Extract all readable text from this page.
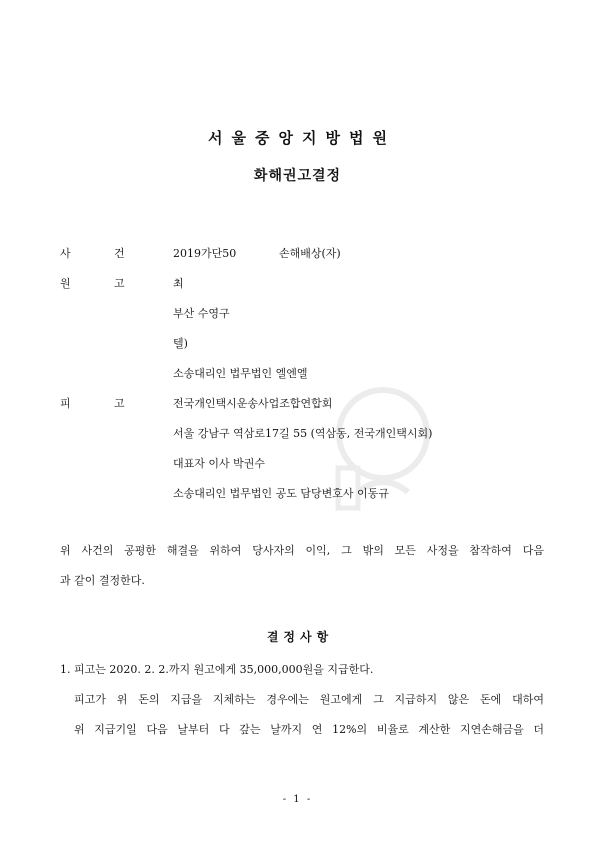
서울중앙지방법원
화해권고결정
사	건	2019가단50	손해배상(자)
원	고	최
부산 수영구
텔)
소송대리인 법무법인 엘엔엘
피	고	전국개인택시운송사업조합연합회
서울 강남구 역삼로17길 55 (역삼동, 전국개인택시회)
대표자 이사 박권수
소송대리인 법무법인 공도 담당변호사 이동규
위 사건의 공평한 해결을 위하여 당사자의 이익, 그 밖의 모든 사정을 참작하여 다음
과 같이 결정한다.
결정사항
1. 피고는 2020. 2. 2.까지 원고에게 35,000,000원을 지급한다.
피고가 위 돈의 지급을 지체하는 경우에는 원고에게 그 지급하지 않은 돈에 대하여
위 지급기일 다음 날부터 다 갚는 날까지 연 12%의 비율로 계산한 지연손해금을 더
- 1 -
